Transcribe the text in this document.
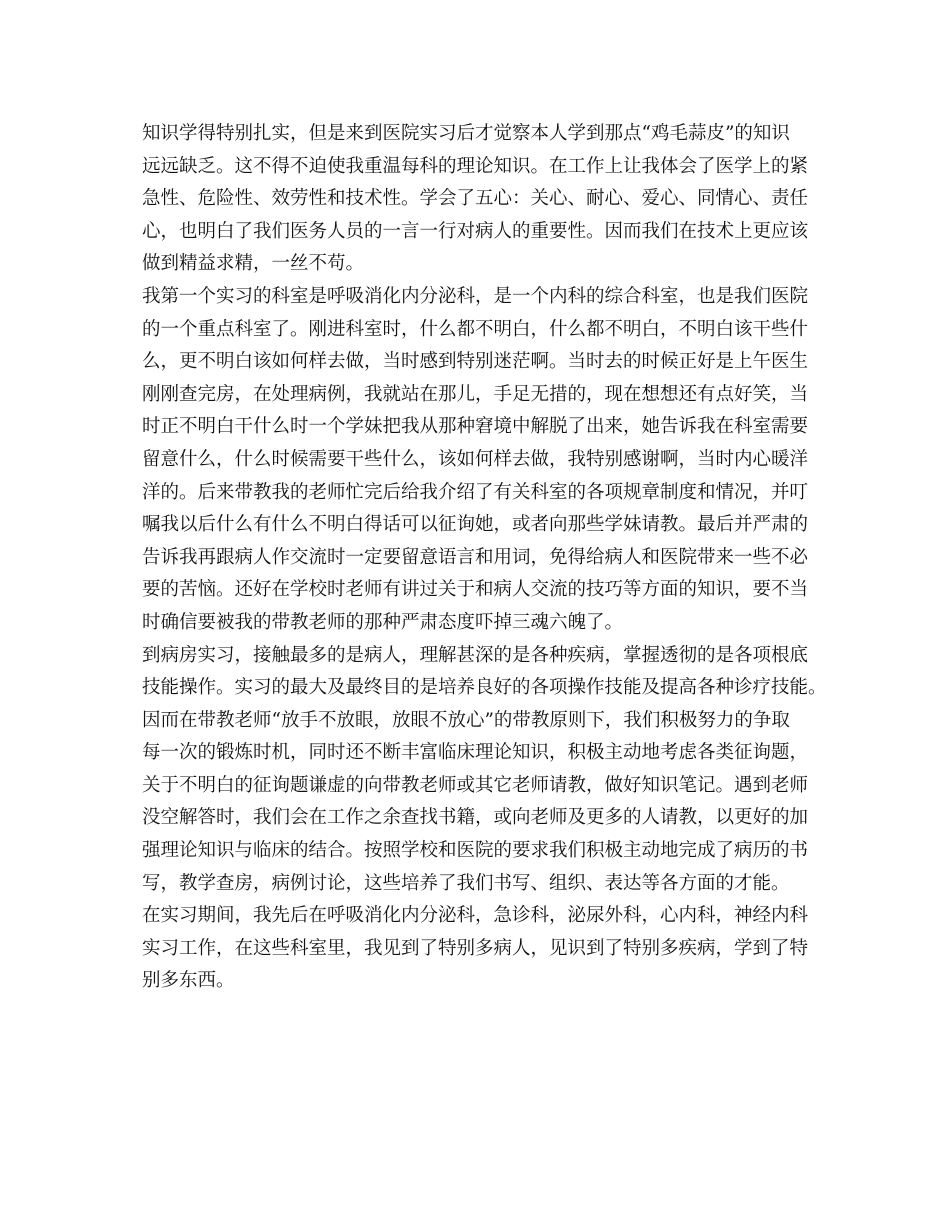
知识学得特别扎实，但是来到医院实习后才觉察本人学到那点“鸡毛蒜皮”的知识
远远缺乏。这不得不迫使我重温每科的理论知识。在工作上让我体会了医学上的紧
急性、危险性、效劳性和技术性。学会了五心：关心、耐心、爱心、同情心、责任
心，也明白了我们医务人员的一言一行对病人的重要性。因而我们在技术上更应该
做到精益求精，一丝不苟。
我第一个实习的科室是呼吸消化内分泌科，是一个内科的综合科室，也是我们医院
的一个重点科室了。刚进科室时，什么都不明白，什么都不明白，不明白该干些什
么，更不明白该如何样去做，当时感到特别迷茫啊。当时去的时候正好是上午医生
刚刚查完房，在处理病例，我就站在那儿，手足无措的，现在想想还有点好笑，当
时正不明白干什么时一个学妹把我从那种窘境中解脱了出来，她告诉我在科室需要
留意什么，什么时候需要干些什么，该如何样去做，我特别感谢啊，当时内心暖洋
洋的。后来带教我的老师忙完后给我介绍了有关科室的各项规章制度和情况，并叮
嘱我以后什么有什么不明白得话可以征询她，或者向那些学妹请教。最后并严肃的
告诉我再跟病人作交流时一定要留意语言和用词，免得给病人和医院带来一些不必
要的苦恼。还好在学校时老师有讲过关于和病人交流的技巧等方面的知识，要不当
时确信要被我的带教老师的那种严肃态度吓掉三魂六魄了。
到病房实习，接触最多的是病人，理解甚深的是各种疾病，掌握透彻的是各项根底
技能操作。实习的最大及最终目的是培养良好的各项操作技能及提高各种诊疗技能。
因而在带教老师“放手不放眼，放眼不放心”的带教原则下，我们积极努力的争取
每一次的锻炼时机，同时还不断丰富临床理论知识，积极主动地考虑各类征询题，
关于不明白的征询题谦虚的向带教老师或其它老师请教，做好知识笔记。遇到老师
没空解答时，我们会在工作之余查找书籍，或向老师及更多的人请教，以更好的加
强理论知识与临床的结合。按照学校和医院的要求我们积极主动地完成了病历的书
写，教学查房，病例讨论，这些培养了我们书写、组织、表达等各方面的才能。
在实习期间，我先后在呼吸消化内分泌科，急诊科，泌尿外科，心内科，神经内科
实习工作，在这些科室里，我见到了特别多病人，见识到了特别多疾病，学到了特
别多东西。
